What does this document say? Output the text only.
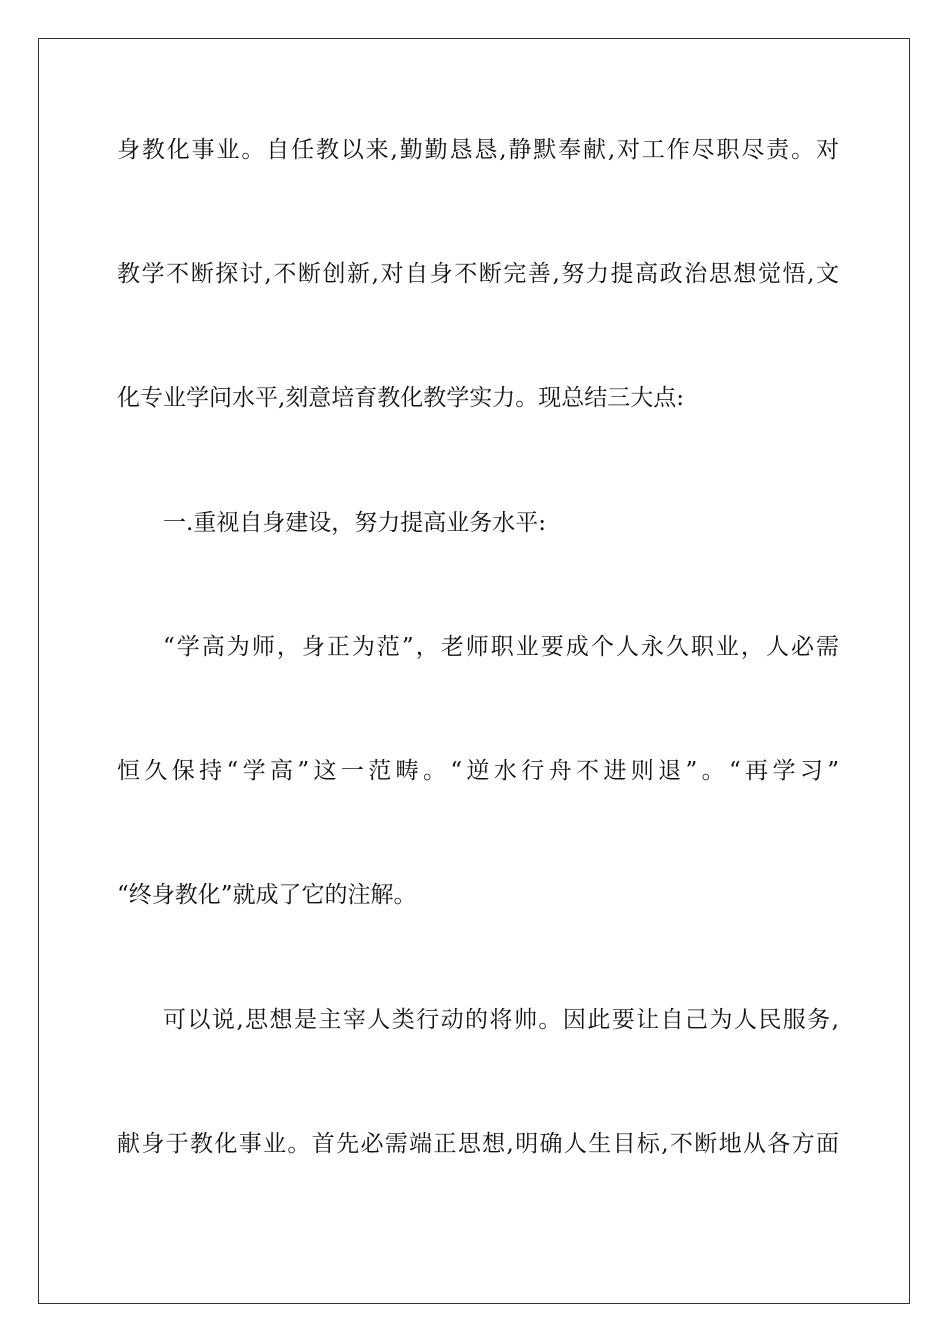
身教化事业。自任教以来,勤勤恳恳,静默奉献,对工作尽职尽责。对
教学不断探讨,不断创新,对自身不断完善,努力提高政治思想觉悟,文
化专业学问水平,刻意培育教化教学实力。现总结三大点:
一.重视自身建设，努力提高业务水平:
“学高为师，身正为范”，老师职业要成个人永久职业，人必需
恒久保持“学高”这一范畴。“逆水行舟不进则退”。“再学习”
“终身教化”就成了它的注解。
可以说,思想是主宰人类行动的将帅。因此要让自己为人民服务,
献身于教化事业。首先必需端正思想,明确人生目标,不断地从各方面
